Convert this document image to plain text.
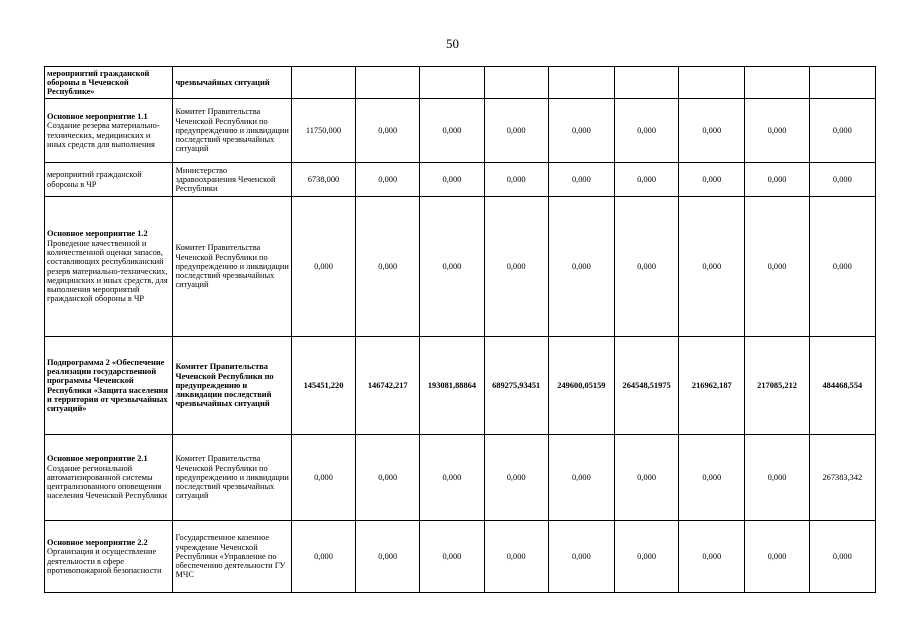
50
мероприятий гражданской обороны в Чеченской Республике»	чрезвычайных ситуаций									
Основное мероприятие 1.1 Создание резерва материально-технических, медицинских и иных средств для выполнения	Комитет Правительства Чеченской Республики по предупреждению и ликвидации последствий чрезвычайных ситуаций	11750,000	0,000	0,000	0,000	0,000	0,000	0,000	0,000	0,000
мероприятий гражданской обороны в ЧР	Министерство здравоохранения Чеченской Республики	6738,000	0,000	0,000	0,000	0,000	0,000	0,000	0,000	0,000
Основное мероприятие 1.2 Проведение качественной и количественной оценки запасов, составляющих республиканский резерв материально-технических, медицинских и иных средств, для выполнения мероприятий гражданской обороны в ЧР	Комитет Правительства Чеченской Республики по предупреждению и ликвидации последствий чрезвычайных ситуаций	0,000	0,000	0,000	0,000	0,000	0,000	0,000	0,000	0,000
Подпрограмма 2 «Обеспечение реализации государственной программы Чеченской Республики «Защита населения и территории от чрезвычайных ситуаций»	Комитет Правительства Чеченской Республики по предупреждению и ликвидации последствий чрезвычайных ситуаций	145451,220	146742,217	193081,88864	689275,93451	249600,05159	264548,51975	216962,187	217085,212	484468,554
Основное мероприятие 2.1 Создание региональной автоматизированной системы централизованного оповещения населения Чеченской Республики	Комитет Правительства Чеченской Республики по предупреждению и ликвидации последствий чрезвычайных ситуаций	0,000	0,000	0,000	0,000	0,000	0,000	0,000	0,000	267383,342
Основное мероприятие 2.2 Организация и осуществление деятельности в сфере противопожарной безопасности	Государственное казенное учреждение Чеченской Республики «Управление по обеспечению деятельности ГУ МЧС	0,000	0,000	0,000	0,000	0,000	0,000	0,000	0,000	0,000
